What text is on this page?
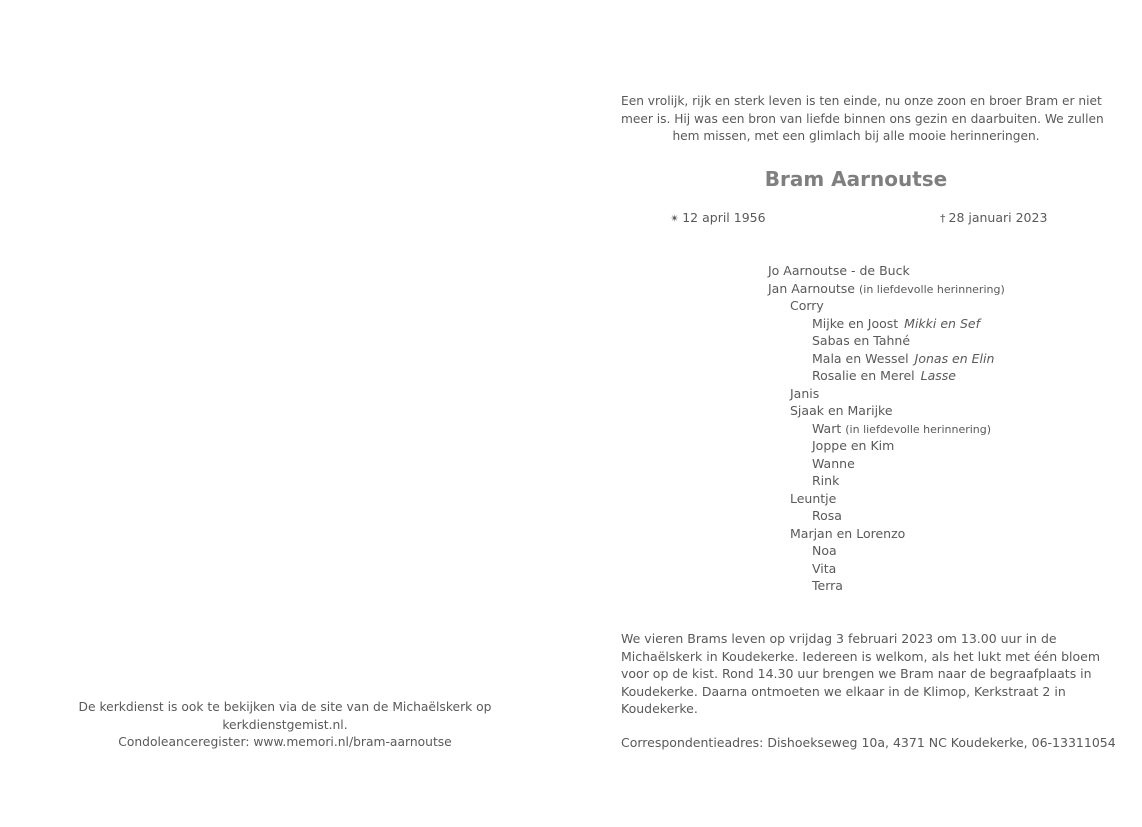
Een vrolijk, rijk en sterk leven is ten einde, nu onze zoon en broer Bram er niet
meer is. Hij was een bron van liefde binnen ons gezin en daarbuiten. We zullen
hem missen, met een glimlach bij alle mooie herinneringen.
Bram Aarnoutse
✴ 12 april 1956	† 28 januari 2023
Jo Aarnoutse - de Buck
Jan Aarnoutse (in liefdevolle herinnering)
Corry
Mijke en Joost Mikki en Sef
Sabas en Tahné
Mala en Wessel Jonas en Elin
Rosalie en Merel Lasse
Janis
Sjaak en Marijke
Wart (in liefdevolle herinnering)
Joppe en Kim
Wanne
Rink
Leuntje
Rosa
Marjan en Lorenzo
Noa
Vita
Terra
We vieren Brams leven op vrijdag 3 februari 2023 om 13.00 uur in de
Michaëlskerk in Koudekerke. Iedereen is welkom, als het lukt met één bloem
voor op de kist. Rond 14.30 uur brengen we Bram naar de begraafplaats in
Koudekerke. Daarna ontmoeten we elkaar in de Klimop, Kerkstraat 2 in
Koudekerke.
Correspondentieadres: Dishoekseweg 10a, 4371 NC Koudekerke, 06-13311054
De kerkdienst is ook te bekijken via de site van de Michaëlskerk op
kerkdienstgemist.nl.
Condoleanceregister: www.memori.nl/bram-aarnoutse
